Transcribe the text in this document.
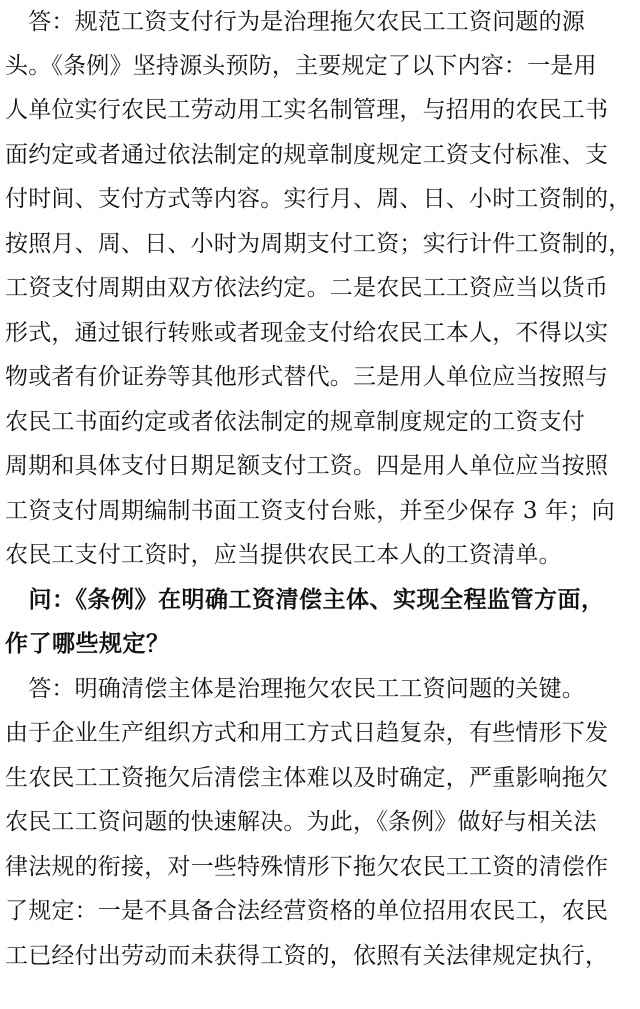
　答：规范工资支付行为是治理拖欠农民工工资问题的源
头。《条例》坚持源头预防，主要规定了以下内容：一是用
人单位实行农民工劳动用工实名制管理，与招用的农民工书
面约定或者通过依法制定的规章制度规定工资支付标准、支
付时间、支付方式等内容。实行月、周、日、小时工资制的，
按照月、周、日、小时为周期支付工资；实行计件工资制的，
工资支付周期由双方依法约定。二是农民工工资应当以货币
形式，通过银行转账或者现金支付给农民工本人，不得以实
物或者有价证券等其他形式替代。三是用人单位应当按照与
农民工书面约定或者依法制定的规章制度规定的工资支付
周期和具体支付日期足额支付工资。四是用人单位应当按照
工资支付周期编制书面工资支付台账，并至少保存 3 年；向
农民工支付工资时，应当提供农民工本人的工资清单。
　问：《条例》在明确工资清偿主体、实现全程监管方面，
作了哪些规定？
　答：明确清偿主体是治理拖欠农民工工资问题的关键。
由于企业生产组织方式和用工方式日趋复杂，有些情形下发
生农民工工资拖欠后清偿主体难以及时确定，严重影响拖欠
农民工工资问题的快速解决。为此，《条例》做好与相关法
律法规的衔接，对一些特殊情形下拖欠农民工工资的清偿作
了规定：一是不具备合法经营资格的单位招用农民工，农民
工已经付出劳动而未获得工资的，依照有关法律规定执行，
